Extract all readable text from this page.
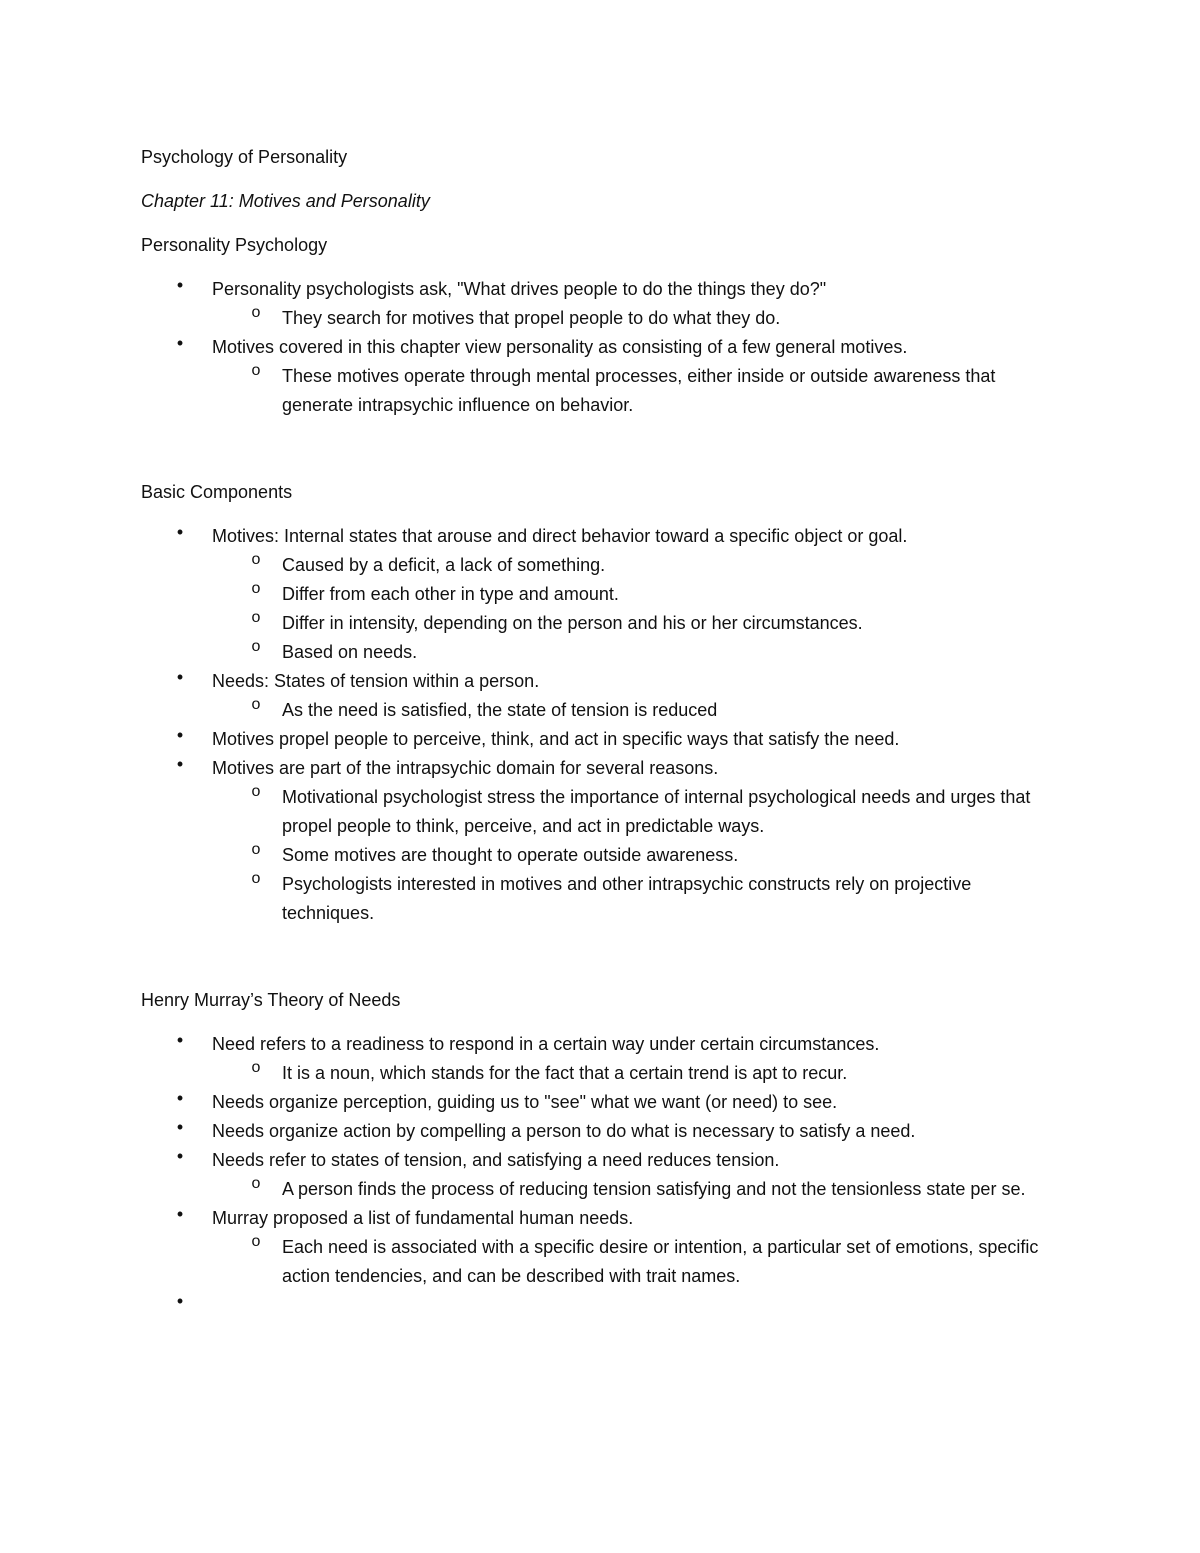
Psychology of Personality

Chapter 11: Motives and Personality

Personality Psychology

• Personality psychologists ask, "What drives people to do the things they do?"
o They search for motives that propel people to do what they do.
• Motives covered in this chapter view personality as consisting of a few general motives.
o These motives operate through mental processes, either inside or outside awareness that generate intrapsychic influence on behavior.

Basic Components

• Motives: Internal states that arouse and direct behavior toward a specific object or goal.
o Caused by a deficit, a lack of something.
o Differ from each other in type and amount.
o Differ in intensity, depending on the person and his or her circumstances.
o Based on needs.
• Needs: States of tension within a person.
o As the need is satisfied, the state of tension is reduced
• Motives propel people to perceive, think, and act in specific ways that satisfy the need.
• Motives are part of the intrapsychic domain for several reasons.
o Motivational psychologist stress the importance of internal psychological needs and urges that propel people to think, perceive, and act in predictable ways.
o Some motives are thought to operate outside awareness.
o Psychologists interested in motives and other intrapsychic constructs rely on projective techniques.

Henry Murray’s Theory of Needs

• Need refers to a readiness to respond in a certain way under certain circumstances.
o It is a noun, which stands for the fact that a certain trend is apt to recur.
• Needs organize perception, guiding us to "see" what we want (or need) to see.
• Needs organize action by compelling a person to do what is necessary to satisfy a need.
• Needs refer to states of tension, and satisfying a need reduces tension.
o A person finds the process of reducing tension satisfying and not the tensionless state per se.
• Murray proposed a list of fundamental human needs.
o Each need is associated with a specific desire or intention, a particular set of emotions, specific action tendencies, and can be described with trait names.
•
